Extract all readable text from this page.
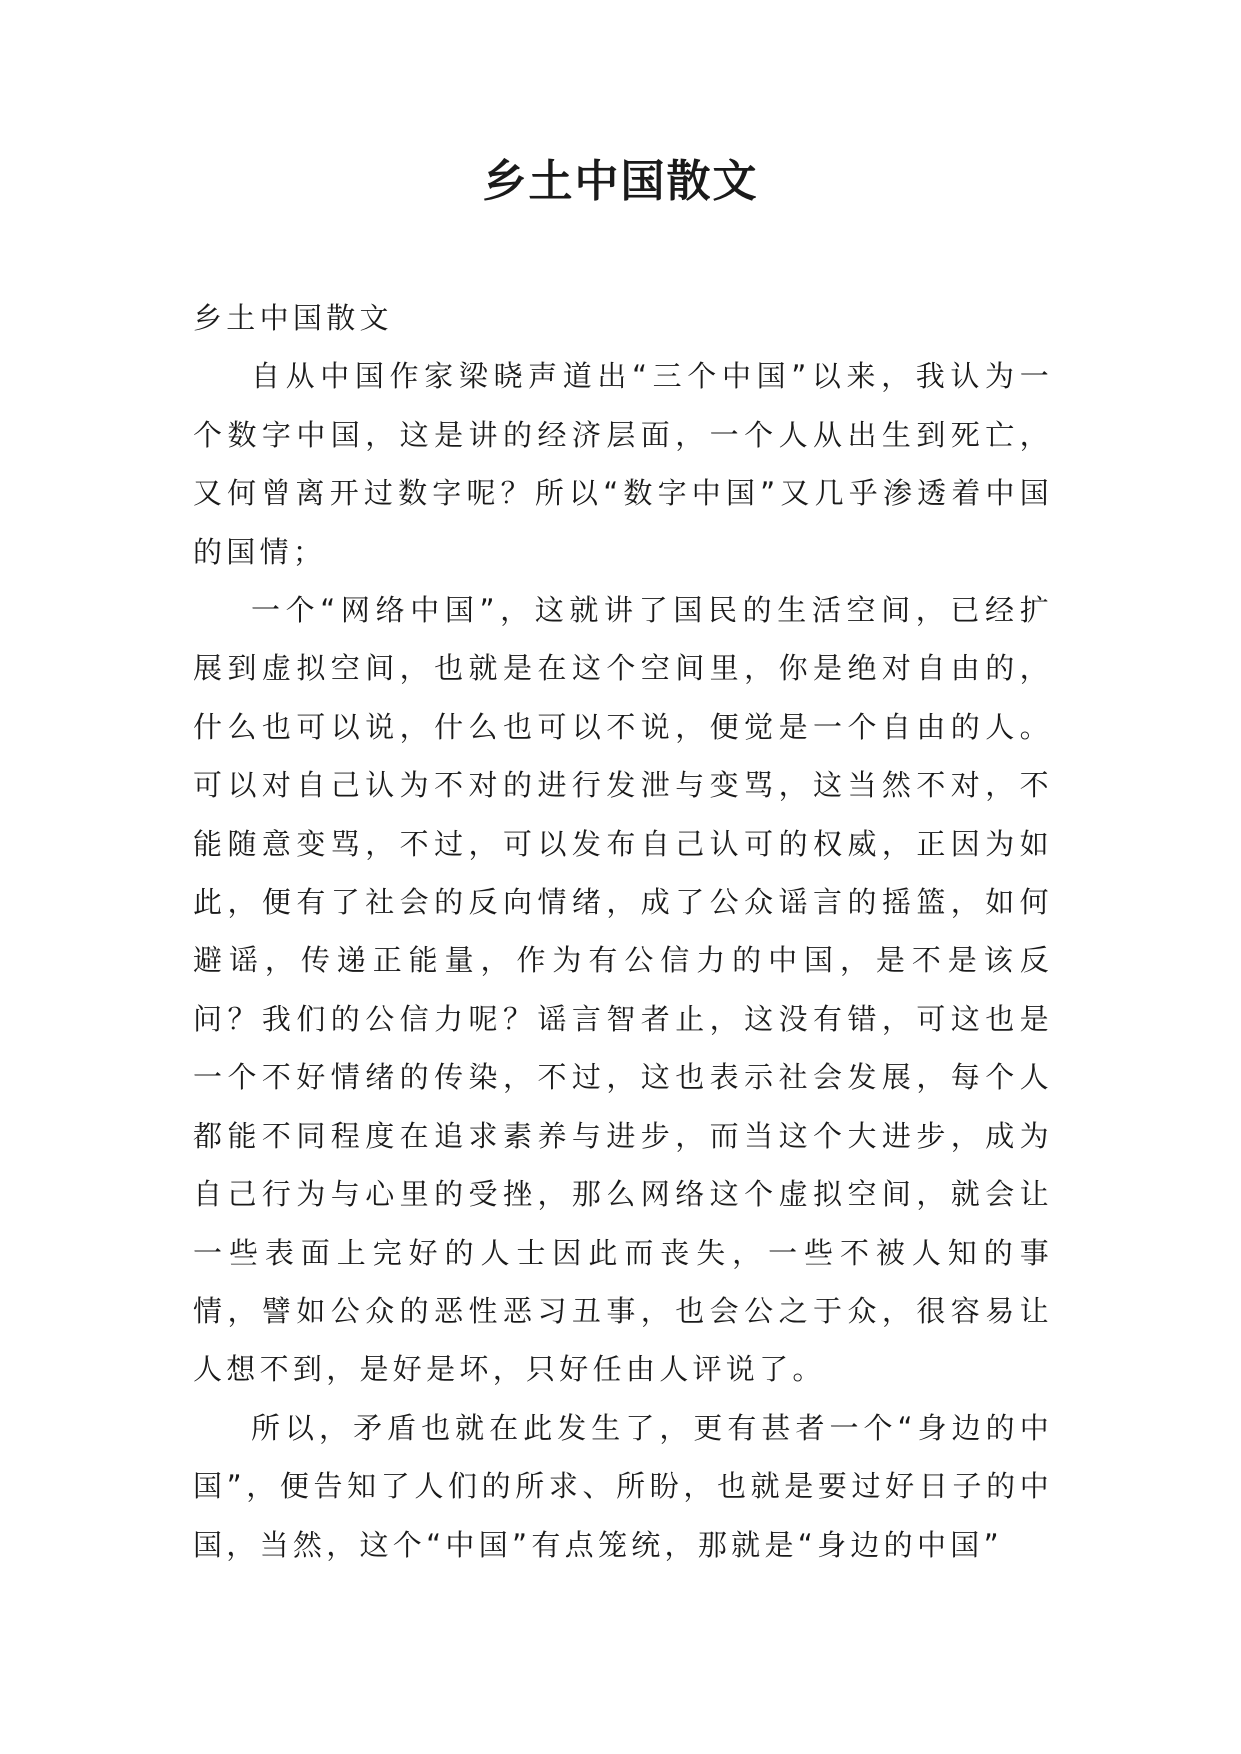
乡土中国散文

乡土中国散文

自从中国作家梁晓声道出“三个中国”以来，我认为一个数字中国，这是讲的经济层面，一个人从出生到死亡，又何曾离开过数字呢？所以“数字中国”又几乎渗透着中国的国情；

一个“网络中国”，这就讲了国民的生活空间，已经扩展到虚拟空间，也就是在这个空间里，你是绝对自由的，什么也可以说，什么也可以不说，便觉是一个自由的人。可以对自己认为不对的进行发泄与变骂，这当然不对，不能随意变骂，不过，可以发布自己认可的权威，正因为如此，便有了社会的反向情绪，成了公众谣言的摇篮，如何避谣，传递正能量，作为有公信力的中国，是不是该反问？我们的公信力呢？谣言智者止，这没有错，可这也是一个不好情绪的传染，不过，这也表示社会发展，每个人都能不同程度在追求素养与进步，而当这个大进步，成为自己行为与心里的受挫，那么网络这个虚拟空间，就会让一些表面上完好的人士因此而丧失，一些不被人知的事情，譬如公众的恶性恶习丑事，也会公之于众，很容易让人想不到，是好是坏，只好任由人评说了。

所以，矛盾也就在此发生了，更有甚者一个“身边的中国”，便告知了人们的所求、所盼，也就是要过好日子的中国，当然，这个“中国”有点笼统，那就是“身边的中国”
